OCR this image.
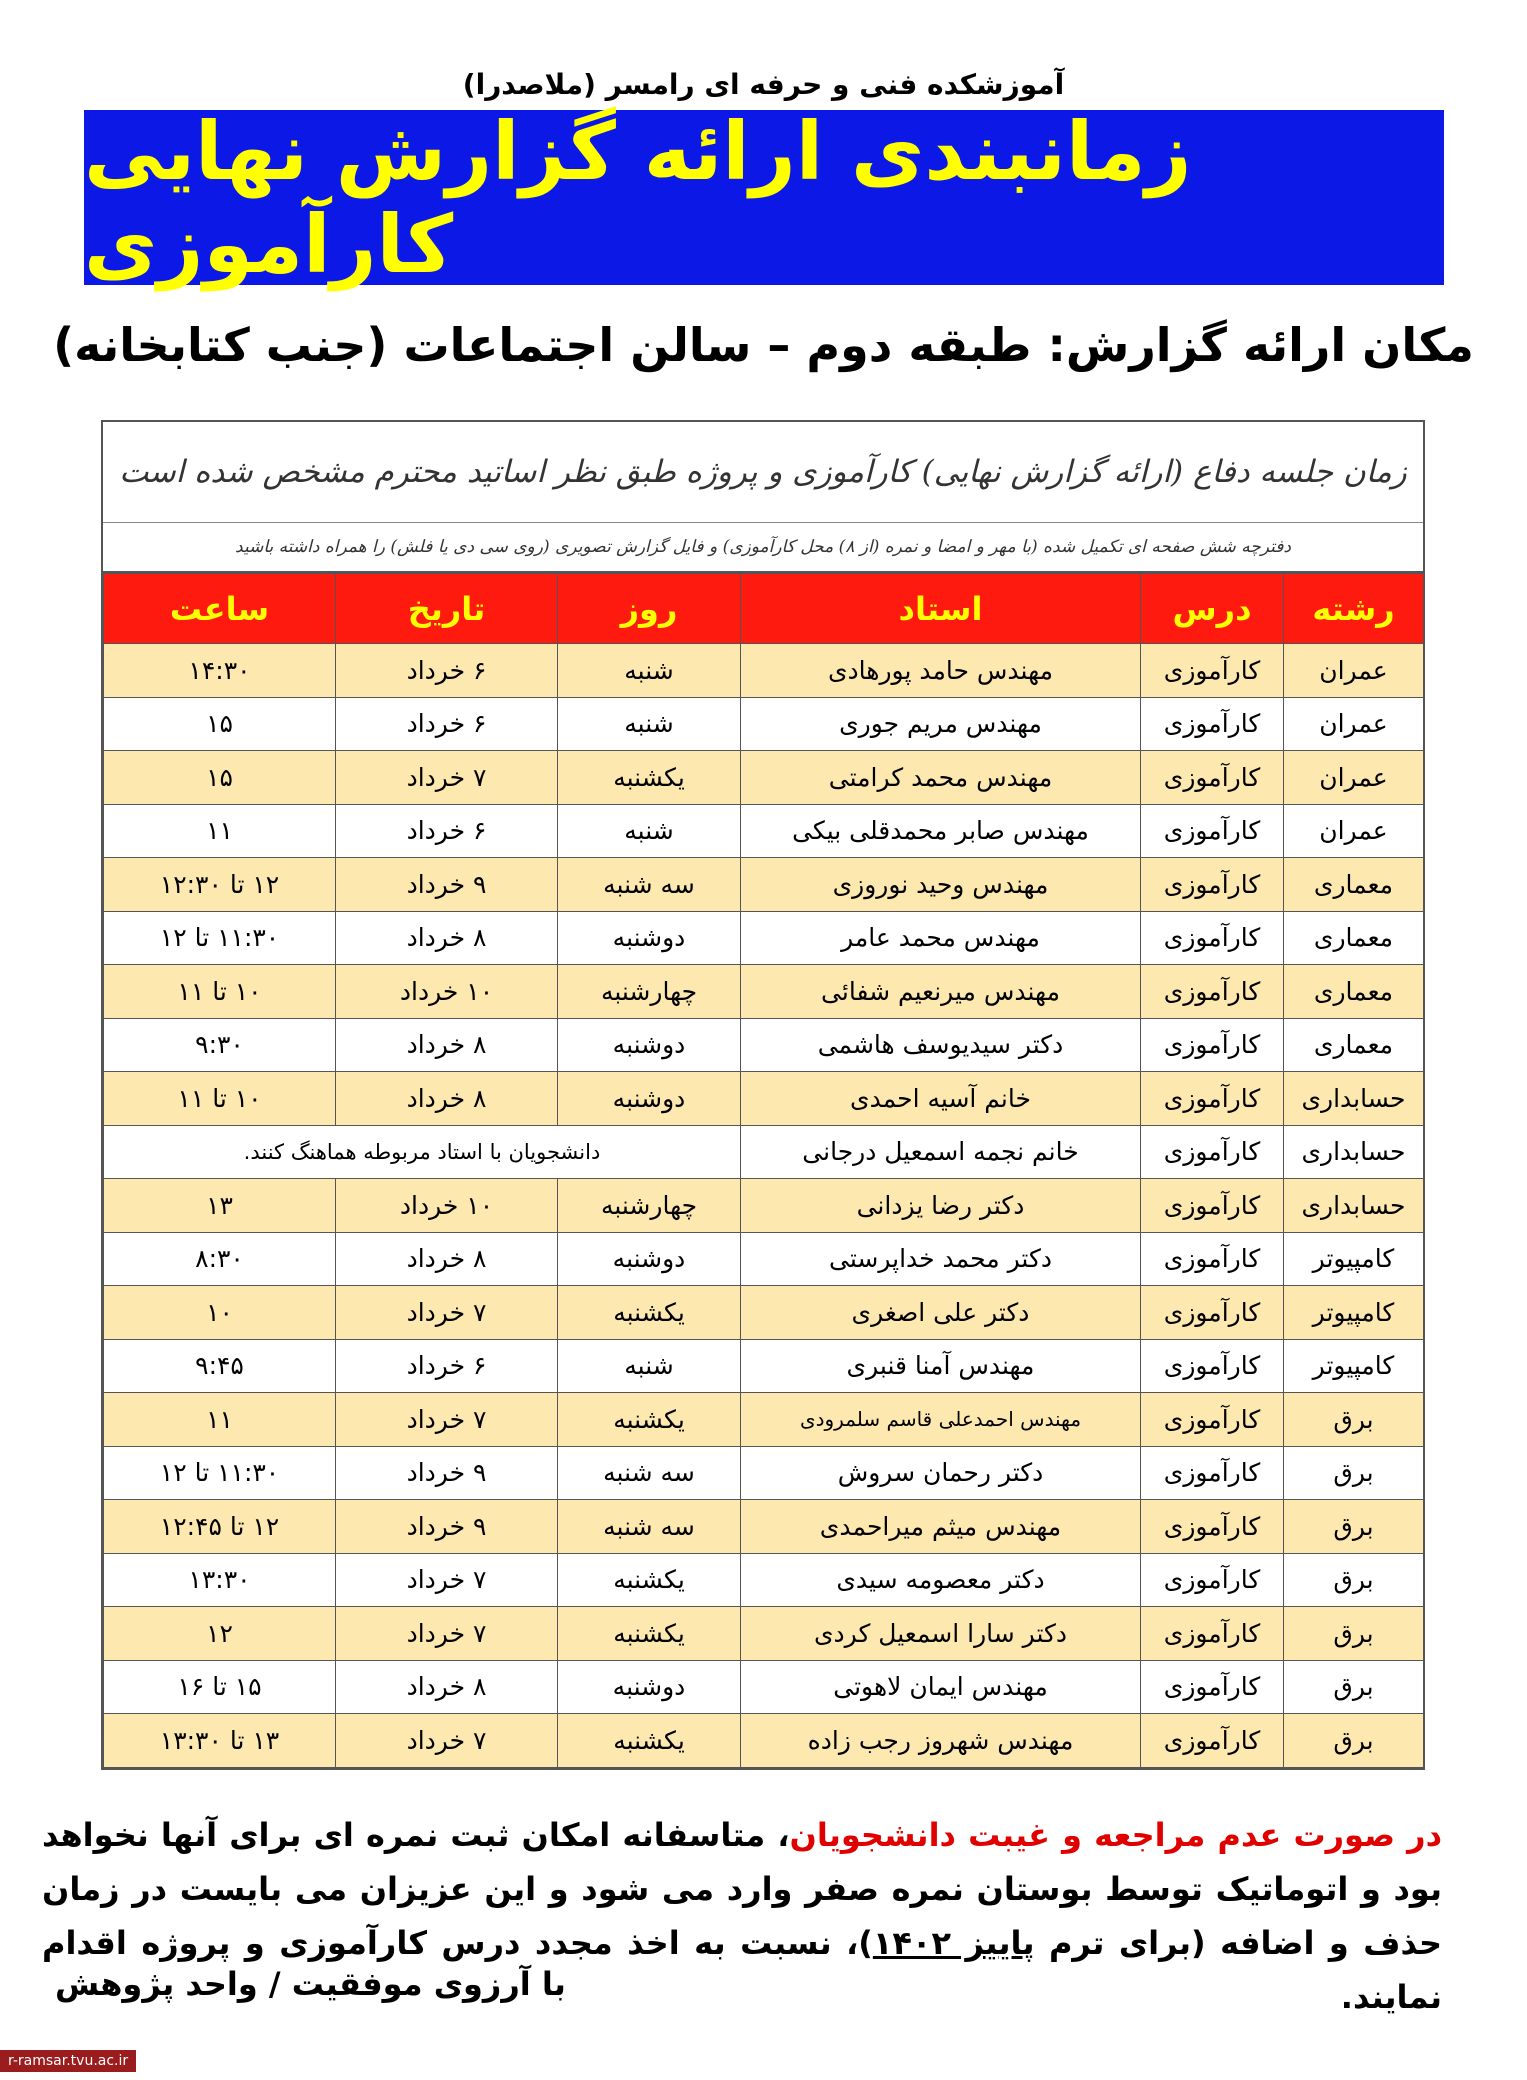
آموزشکده فنی و حرفه ای رامسر (ملاصدرا)
زمانبندی ارائه گزارش نهایی کارآموزی
مکان ارائه گزارش: طبقه دوم – سالن اجتماعات (جنب کتابخانه)
زمان جلسه دفاع (ارائه گزارش نهایی) کارآموزی و پروژه طبق نظر اساتید محترم مشخص شده است
دفترچه شش صفحه ای تکمیل شده (با مهر و امضا و نمره (از ۸) محل کارآموزی) و فایل گزارش تصویری (روی سی دی یا فلش) را همراه داشته باشید
رشته	درس	استاد	روز	تاریخ	ساعت
عمران	کارآموزی	مهندس حامد پورهادی	شنبه	۶ خرداد	۱۴:۳۰
عمران	کارآموزی	مهندس مریم جوری	شنبه	۶ خرداد	۱۵
عمران	کارآموزی	مهندس محمد کرامتی	یکشنبه	۷ خرداد	۱۵
عمران	کارآموزی	مهندس صابر محمدقلی بیکی	شنبه	۶ خرداد	۱۱
معماری	کارآموزی	مهندس وحید نوروزی	سه شنبه	۹ خرداد	۱۲ تا ۱۲:۳۰
معماری	کارآموزی	مهندس محمد عامر	دوشنبه	۸ خرداد	۱۱:۳۰ تا ۱۲
معماری	کارآموزی	مهندس میرنعیم شفائی	چهارشنبه	۱۰ خرداد	۱۰ تا ۱۱
معماری	کارآموزی	دکتر سیدیوسف هاشمی	دوشنبه	۸ خرداد	۹:۳۰
حسابداری	کارآموزی	خانم آسیه احمدی	دوشنبه	۸ خرداد	۱۰ تا ۱۱
حسابداری	کارآموزی	خانم نجمه اسمعیل درجانی	دانشجویان با استاد مربوطه هماهنگ کنند.		
حسابداری	کارآموزی	دکتر رضا یزدانی	چهارشنبه	۱۰ خرداد	۱۳
کامپیوتر	کارآموزی	دکتر محمد خداپرستی	دوشنبه	۸ خرداد	۸:۳۰
کامپیوتر	کارآموزی	دکتر علی اصغری	یکشنبه	۷ خرداد	۱۰
کامپیوتر	کارآموزی	مهندس آمنا قنبری	شنبه	۶ خرداد	۹:۴۵
برق	کارآموزی	مهندس احمدعلی قاسم سلمرودی	یکشنبه	۷ خرداد	۱۱
برق	کارآموزی	دکتر رحمان سروش	سه شنبه	۹ خرداد	۱۱:۳۰ تا ۱۲
برق	کارآموزی	مهندس میثم میراحمدی	سه شنبه	۹ خرداد	۱۲ تا ۱۲:۴۵
برق	کارآموزی	دکتر معصومه سیدی	یکشنبه	۷ خرداد	۱۳:۳۰
برق	کارآموزی	دکتر سارا اسمعیل کردی	یکشنبه	۷ خرداد	۱۲
برق	کارآموزی	مهندس ایمان لاهوتی	دوشنبه	۸ خرداد	۱۵ تا ۱۶
برق	کارآموزی	مهندس شهروز رجب زاده	یکشنبه	۷ خرداد	۱۳ تا ۱۳:۳۰
در صورت عدم مراجعه و غیبت دانشجویان، متاسفانه امکان ثبت نمره ای برای آنها نخواهد بود و اتوماتیک توسط بوستان نمره صفر وارد می شود و این عزیزان می بایست در زمان حذف و اضافه (برای ترم پاییز ۱۴۰۲)، نسبت به اخذ مجدد درس کارآموزی و پروژه اقدام نمایند.
با آرزوی موفقیت / واحد پژوهش
r-ramsar.tvu.ac.ir
